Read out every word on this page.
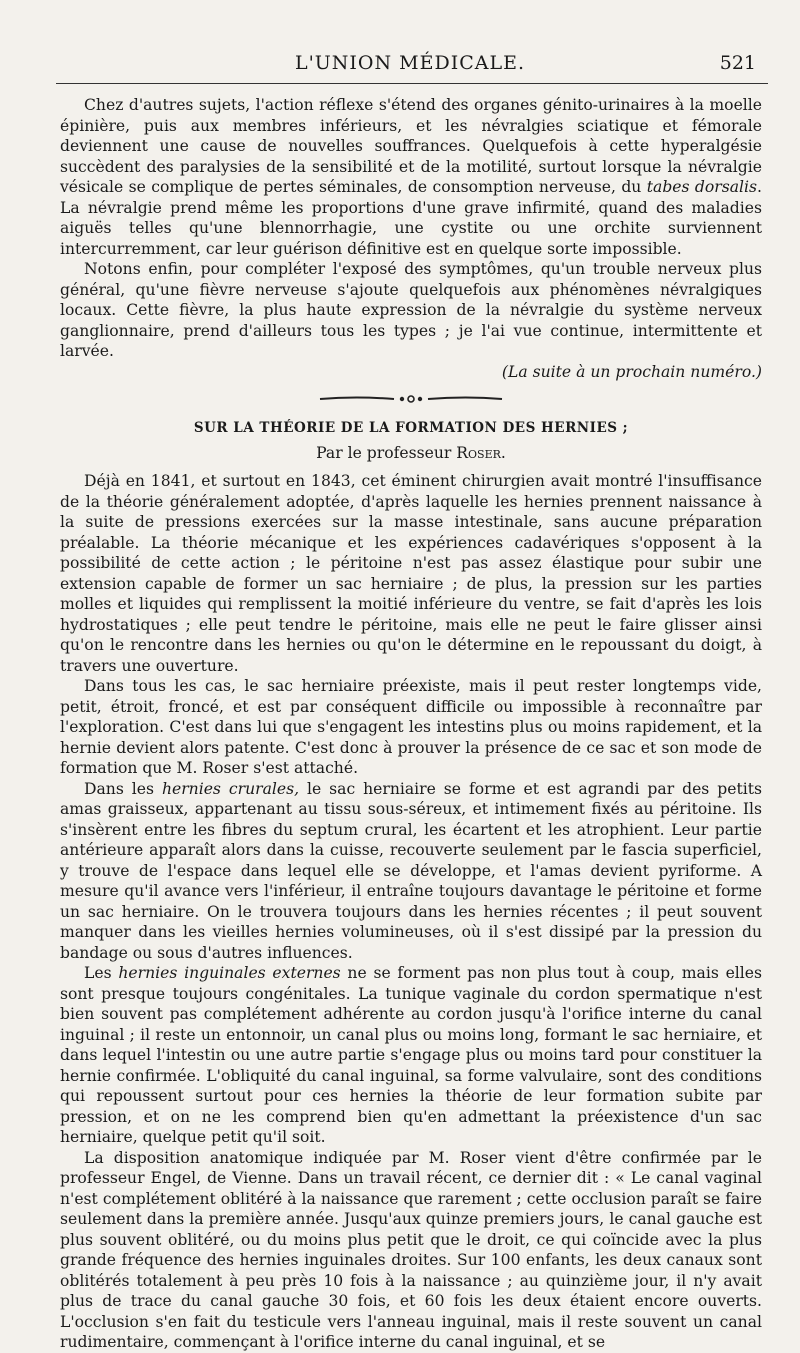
L'UNION MÉDICALE.	521

Chez d'autres sujets, l'action réflexe s'étend des organes génito-urinaires à la moelle épinière, puis aux membres inférieurs, et les névralgies sciatique et fémorale deviennent une cause de nouvelles souffrances. Quelquefois à cette hyperalgésie succèdent des paralysies de la sensibilité et de la motilité, surtout lorsque la névralgie vésicale se complique de pertes séminales, de consomption nerveuse, du tabes dorsalis. La névralgie prend même les proportions d'une grave infirmité, quand des maladies aiguës telles qu'une blennorrhagie, une cystite ou une orchite surviennent intercurremment, car leur guérison définitive est en quelque sorte impossible.

Notons enfin, pour compléter l'exposé des symptômes, qu'un trouble nerveux plus général, qu'une fièvre nerveuse s'ajoute quelquefois aux phénomènes névralgiques locaux. Cette fièvre, la plus haute expression de la névralgie du système nerveux ganglionnaire, prend d'ailleurs tous les types ; je l'ai vue continue, intermittente et larvée.

(La suite à un prochain numéro.)

SUR LA THÉORIE DE LA FORMATION DES HERNIES ;
Par le professeur Roser.

Déjà en 1841, et surtout en 1843, cet éminent chirurgien avait montré l'insuffisance de la théorie généralement adoptée, d'après laquelle les hernies prennent naissance à la suite de pressions exercées sur la masse intestinale, sans aucune préparation préalable. La théorie mécanique et les expériences cadavériques s'opposent à la possibilité de cette action ; le péritoine n'est pas assez élastique pour subir une extension capable de former un sac herniaire ; de plus, la pression sur les parties molles et liquides qui remplissent la moitié inférieure du ventre, se fait d'après les lois hydrostatiques ; elle peut tendre le péritoine, mais elle ne peut le faire glisser ainsi qu'on le rencontre dans les hernies ou qu'on le détermine en le repoussant du doigt, à travers une ouverture.

Dans tous les cas, le sac herniaire préexiste, mais il peut rester longtemps vide, petit, étroit, froncé, et est par conséquent difficile ou impossible à reconnaître par l'exploration. C'est dans lui que s'engagent les intestins plus ou moins rapidement, et la hernie devient alors patente. C'est donc à prouver la présence de ce sac et son mode de formation que M. Roser s'est attaché.

Dans les hernies crurales, le sac herniaire se forme et est agrandi par des petits amas graisseux, appartenant au tissu sous-séreux, et intimement fixés au péritoine. Ils s'insèrent entre les fibres du septum crural, les écartent et les atrophient. Leur partie antérieure apparaît alors dans la cuisse, recouverte seulement par le fascia superficiel, y trouve de l'espace dans lequel elle se développe, et l'amas devient pyriforme. A mesure qu'il avance vers l'inférieur, il entraîne toujours davantage le péritoine et forme un sac herniaire. On le trouvera toujours dans les hernies récentes ; il peut souvent manquer dans les vieilles hernies volumineuses, où il s'est dissipé par la pression du bandage ou sous d'autres influences.

Les hernies inguinales externes ne se forment pas non plus tout à coup, mais elles sont presque toujours congénitales. La tunique vaginale du cordon spermatique n'est bien souvent pas complétement adhérente au cordon jusqu'à l'orifice interne du canal inguinal ; il reste un entonnoir, un canal plus ou moins long, formant le sac herniaire, et dans lequel l'intestin ou une autre partie s'engage plus ou moins tard pour constituer la hernie confirmée. L'obliquité du canal inguinal, sa forme valvulaire, sont des conditions qui repoussent surtout pour ces hernies la théorie de leur formation subite par pression, et on ne les comprend bien qu'en admettant la préexistence d'un sac herniaire, quelque petit qu'il soit.

La disposition anatomique indiquée par M. Roser vient d'être confirmée par le professeur Engel, de Vienne. Dans un travail récent, ce dernier dit : « Le canal vaginal n'est complétement oblitéré à la naissance que rarement ; cette occlusion paraît se faire seulement dans la première année. Jusqu'aux quinze premiers jours, le canal gauche est plus souvent oblitéré, ou du moins plus petit que le droit, ce qui coïncide avec la plus grande fréquence des hernies inguinales droites. Sur 100 enfants, les deux canaux sont oblitérés totalement à peu près 10 fois à la naissance ; au quinzième jour, il n'y avait plus de trace du canal gauche 30 fois, et 60 fois les deux étaient encore ouverts. L'occlusion s'en fait du testicule vers l'anneau inguinal, mais il reste souvent un canal rudimentaire, commençant à l'orifice interne du canal inguinal, et se
